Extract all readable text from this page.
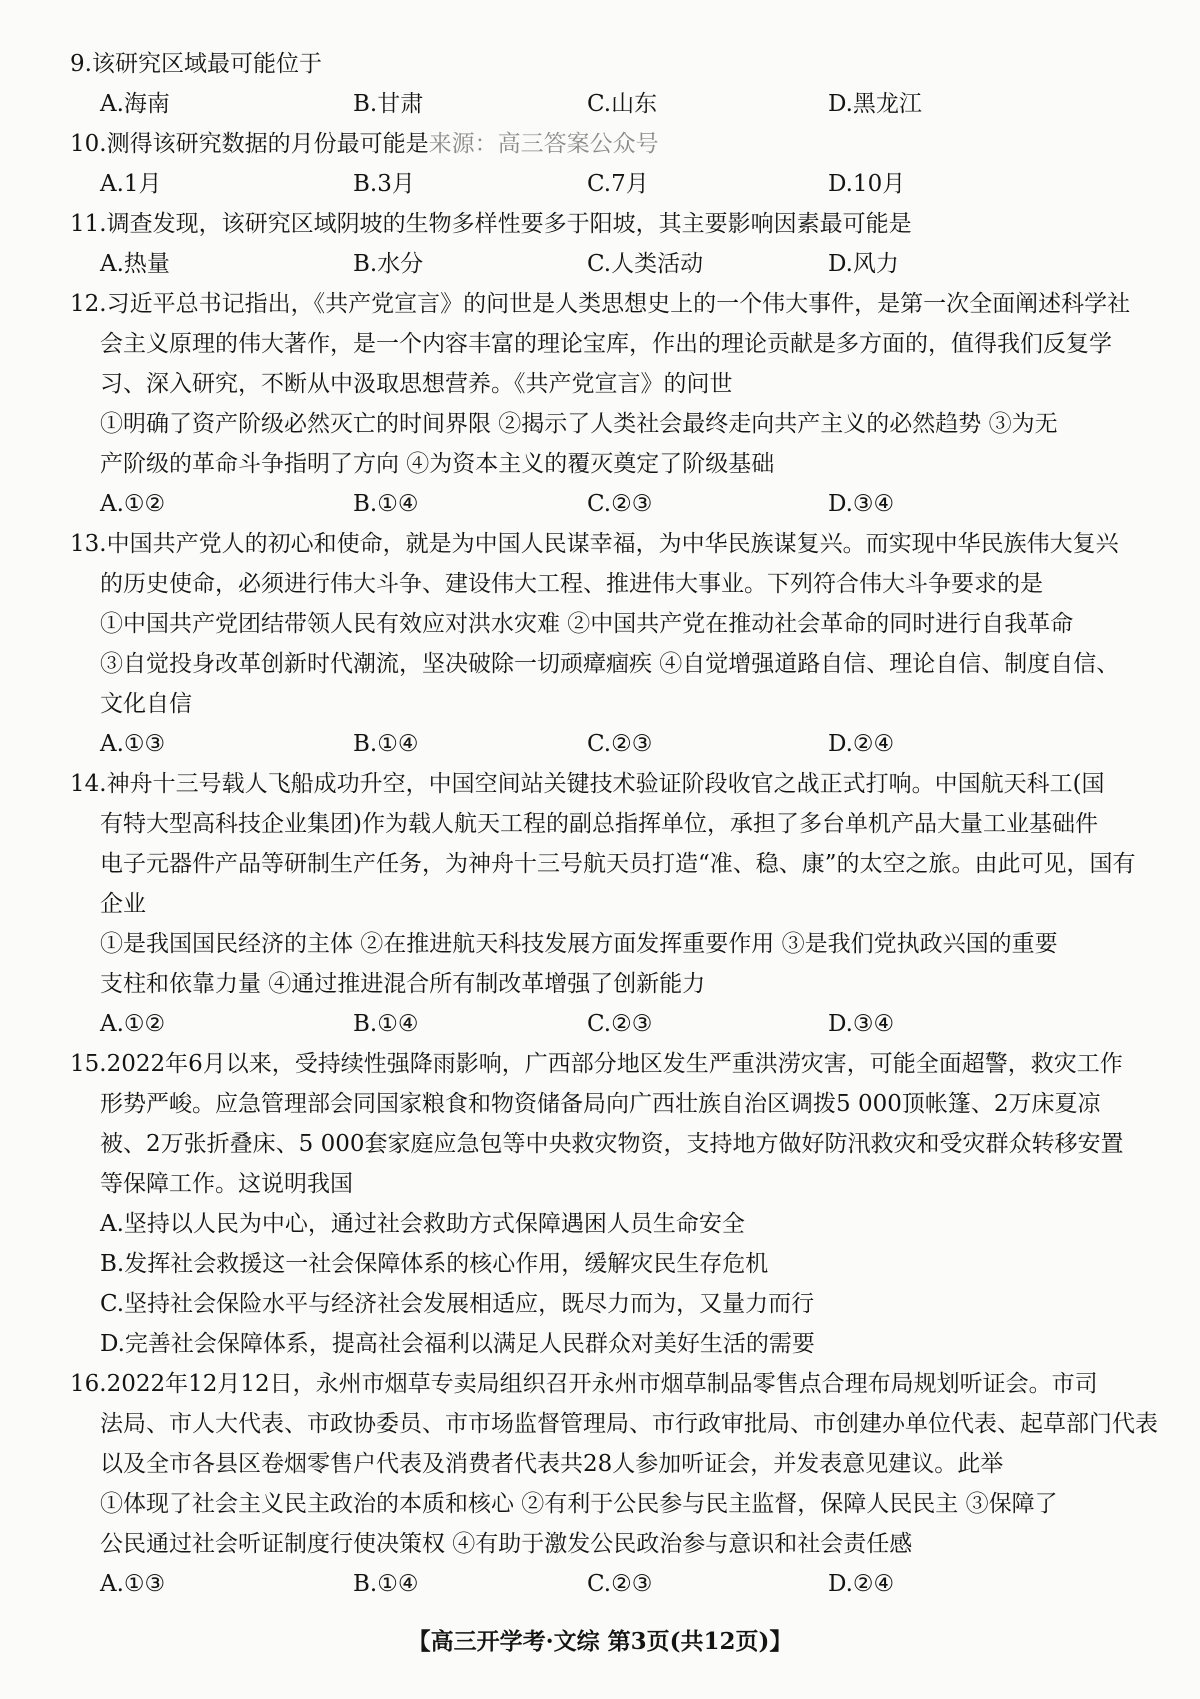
9.该研究区域最可能位于
A.海南	B.甘肃	C.山东	D.黑龙江
10.测得该研究数据的月份最可能是来源：高三答案公众号
A.1月	B.3月	C.7月	D.10月
11.调查发现，该研究区域阴坡的生物多样性要多于阳坡，其主要影响因素最可能是
A.热量	B.水分	C.人类活动	D.风力
12.习近平总书记指出，《共产党宣言》的问世是人类思想史上的一个伟大事件，是第一次全面阐述科学社
会主义原理的伟大著作，是一个内容丰富的理论宝库，作出的理论贡献是多方面的，值得我们反复学
习、深入研究，不断从中汲取思想营养。《共产党宣言》的问世
①明确了资产阶级必然灭亡的时间界限 ②揭示了人类社会最终走向共产主义的必然趋势 ③为无
产阶级的革命斗争指明了方向 ④为资本主义的覆灭奠定了阶级基础
A.①②	B.①④	C.②③	D.③④
13.中国共产党人的初心和使命，就是为中国人民谋幸福，为中华民族谋复兴。而实现中华民族伟大复兴
的历史使命，必须进行伟大斗争、建设伟大工程、推进伟大事业。下列符合伟大斗争要求的是
①中国共产党团结带领人民有效应对洪水灾难 ②中国共产党在推动社会革命的同时进行自我革命
③自觉投身改革创新时代潮流，坚决破除一切顽瘴痼疾 ④自觉增强道路自信、理论自信、制度自信、
文化自信
A.①③	B.①④	C.②③	D.②④
14.神舟十三号载人飞船成功升空，中国空间站关键技术验证阶段收官之战正式打响。中国航天科工(国
有特大型高科技企业集团)作为载人航天工程的副总指挥单位，承担了多台单机产品大量工业基础件
电子元器件产品等研制生产任务，为神舟十三号航天员打造“准、稳、康”的太空之旅。由此可见，国有
企业
①是我国国民经济的主体 ②在推进航天科技发展方面发挥重要作用 ③是我们党执政兴国的重要
支柱和依靠力量 ④通过推进混合所有制改革增强了创新能力
A.①②	B.①④	C.②③	D.③④
15.2022年6月以来，受持续性强降雨影响，广西部分地区发生严重洪涝灾害，可能全面超警，救灾工作
形势严峻。应急管理部会同国家粮食和物资储备局向广西壮族自治区调拨5 000顶帐篷、2万床夏凉
被、2万张折叠床、5 000套家庭应急包等中央救灾物资，支持地方做好防汛救灾和受灾群众转移安置
等保障工作。这说明我国
A.坚持以人民为中心，通过社会救助方式保障遇困人员生命安全
B.发挥社会救援这一社会保障体系的核心作用，缓解灾民生存危机
C.坚持社会保险水平与经济社会发展相适应，既尽力而为，又量力而行
D.完善社会保障体系，提高社会福利以满足人民群众对美好生活的需要
16.2022年12月12日，永州市烟草专卖局组织召开永州市烟草制品零售点合理布局规划听证会。市司
法局、市人大代表、市政协委员、市市场监督管理局、市行政审批局、市创建办单位代表、起草部门代表
以及全市各县区卷烟零售户代表及消费者代表共28人参加听证会，并发表意见建议。此举
①体现了社会主义民主政治的本质和核心 ②有利于公民参与民主监督，保障人民民主 ③保障了
公民通过社会听证制度行使决策权 ④有助于激发公民政治参与意识和社会责任感
A.①③	B.①④	C.②③	D.②④
【高三开学考·文综 第3页(共12页)】
